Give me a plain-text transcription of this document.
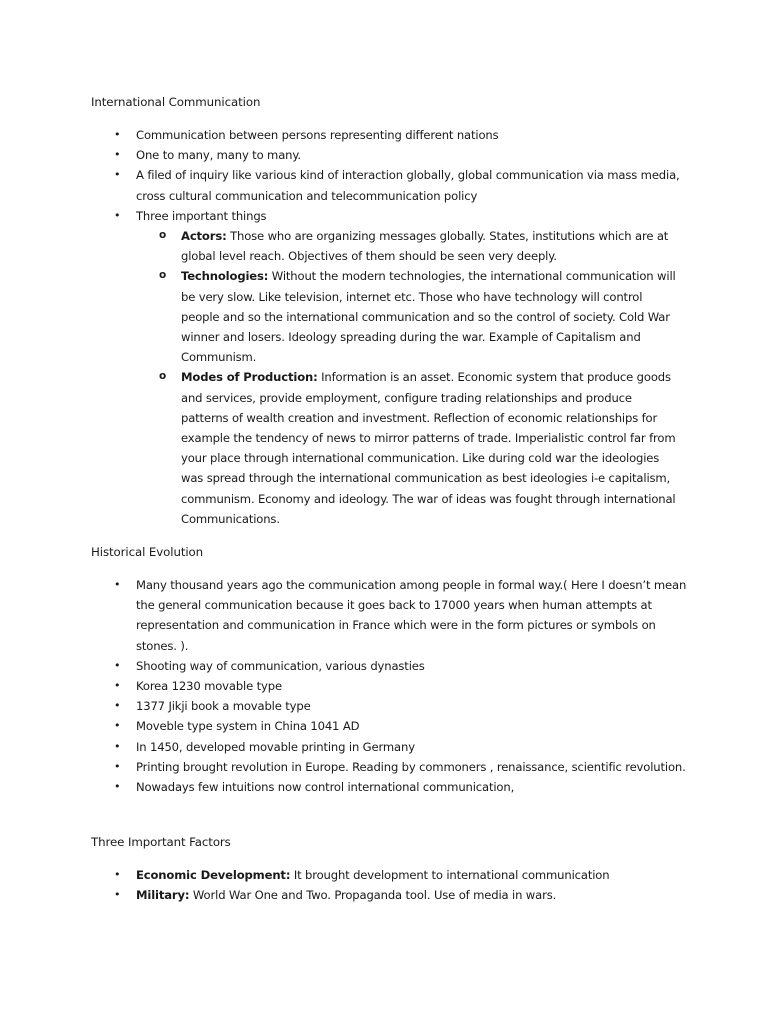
International Communication
• Communication between persons representing different nations
• One to many, many to many.
• A filed of inquiry like various kind of interaction globally, global communication via mass media, cross cultural communication and telecommunication policy
• Three important things
o Actors: Those who are organizing messages globally. States, institutions which are at global level reach. Objectives of them should be seen very deeply.
o Technologies: Without the modern technologies, the international communication will be very slow. Like television, internet etc. Those who have technology will control people and so the international communication and so the control of society. Cold War winner and losers. Ideology spreading during the war. Example of Capitalism and Communism.
o Modes of Production: Information is an asset. Economic system that produce goods and services, provide employment, configure trading relationships and produce patterns of wealth creation and investment. Reflection of economic relationships for example the tendency of news to mirror patterns of trade. Imperialistic control far from your place through international communication. Like during cold war the ideologies was spread through the international communication as best ideologies i-e capitalism, communism. Economy and ideology. The war of ideas was fought through international Communications.
Historical Evolution
• Many thousand years ago the communication among people in formal way.( Here I doesn’t mean the general communication because it goes back to 17000 years when human attempts at representation and communication in France which were in the form pictures or symbols on stones. ).
• Shooting way of communication, various dynasties
• Korea 1230 movable type
• 1377 Jikji book a movable type
• Moveble type system in China 1041 AD
• In 1450, developed movable printing in Germany
• Printing brought revolution in Europe. Reading by commoners , renaissance, scientific revolution.
• Nowadays few intuitions now control international communication,
Three Important Factors
• Economic Development: It brought development to international communication
• Military: World War One and Two. Propaganda tool. Use of media in wars.
